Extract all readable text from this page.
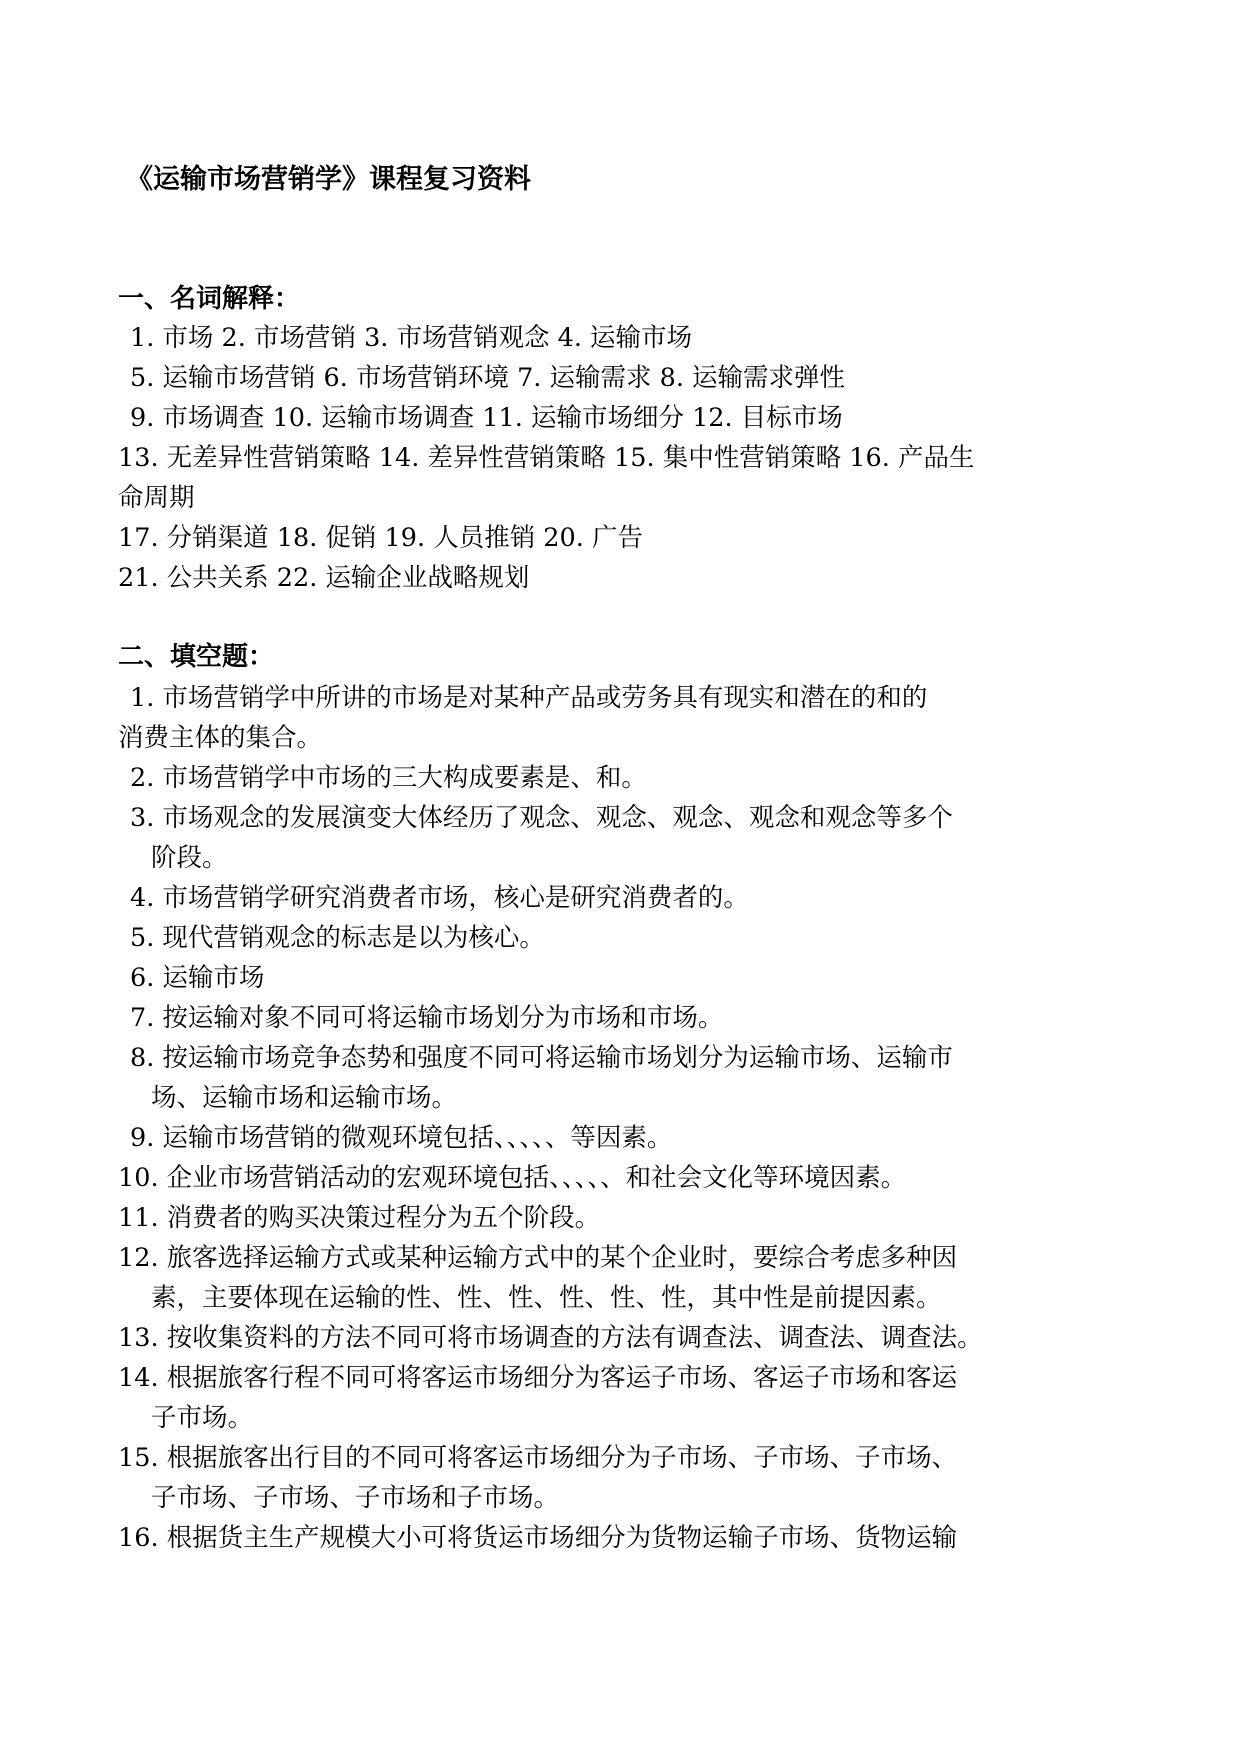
《运输市场营销学》课程复习资料
一、名词解释：
1. 市场 2. 市场营销 3. 市场营销观念 4. 运输市场
5. 运输市场营销 6. 市场营销环境 7. 运输需求 8. 运输需求弹性
9. 市场调查 10. 运输市场调查 11. 运输市场细分 12. 目标市场
13. 无差异性营销策略 14. 差异性营销策略 15. 集中性营销策略 16. 产品生
命周期
17. 分销渠道 18. 促销 19. 人员推销 20. 广告
21. 公共关系 22. 运输企业战略规划
二、填空题：
1. 市场营销学中所讲的市场是对某种产品或劳务具有现实和潜在的和的
消费主体的集合。
2. 市场营销学中市场的三大构成要素是、和。
3. 市场观念的发展演变大体经历了观念、观念、观念、观念和观念等多个
阶段。
4. 市场营销学研究消费者市场，核心是研究消费者的。
5. 现代营销观念的标志是以为核心。
6. 运输市场
7. 按运输对象不同可将运输市场划分为市场和市场。
8. 按运输市场竞争态势和强度不同可将运输市场划分为运输市场、运输市
场、运输市场和运输市场。
9. 运输市场营销的微观环境包括、、、、、等因素。
10. 企业市场营销活动的宏观环境包括、、、、、和社会文化等环境因素。
11. 消费者的购买决策过程分为五个阶段。
12. 旅客选择运输方式或某种运输方式中的某个企业时，要综合考虑多种因
素，主要体现在运输的性、性、性、性、性、性，其中性是前提因素。
13. 按收集资料的方法不同可将市场调查的方法有调查法、调查法、调查法。
14. 根据旅客行程不同可将客运市场细分为客运子市场、客运子市场和客运
子市场。
15. 根据旅客出行目的不同可将客运市场细分为子市场、子市场、子市场、
子市场、子市场、子市场和子市场。
16. 根据货主生产规模大小可将货运市场细分为货物运输子市场、货物运输
